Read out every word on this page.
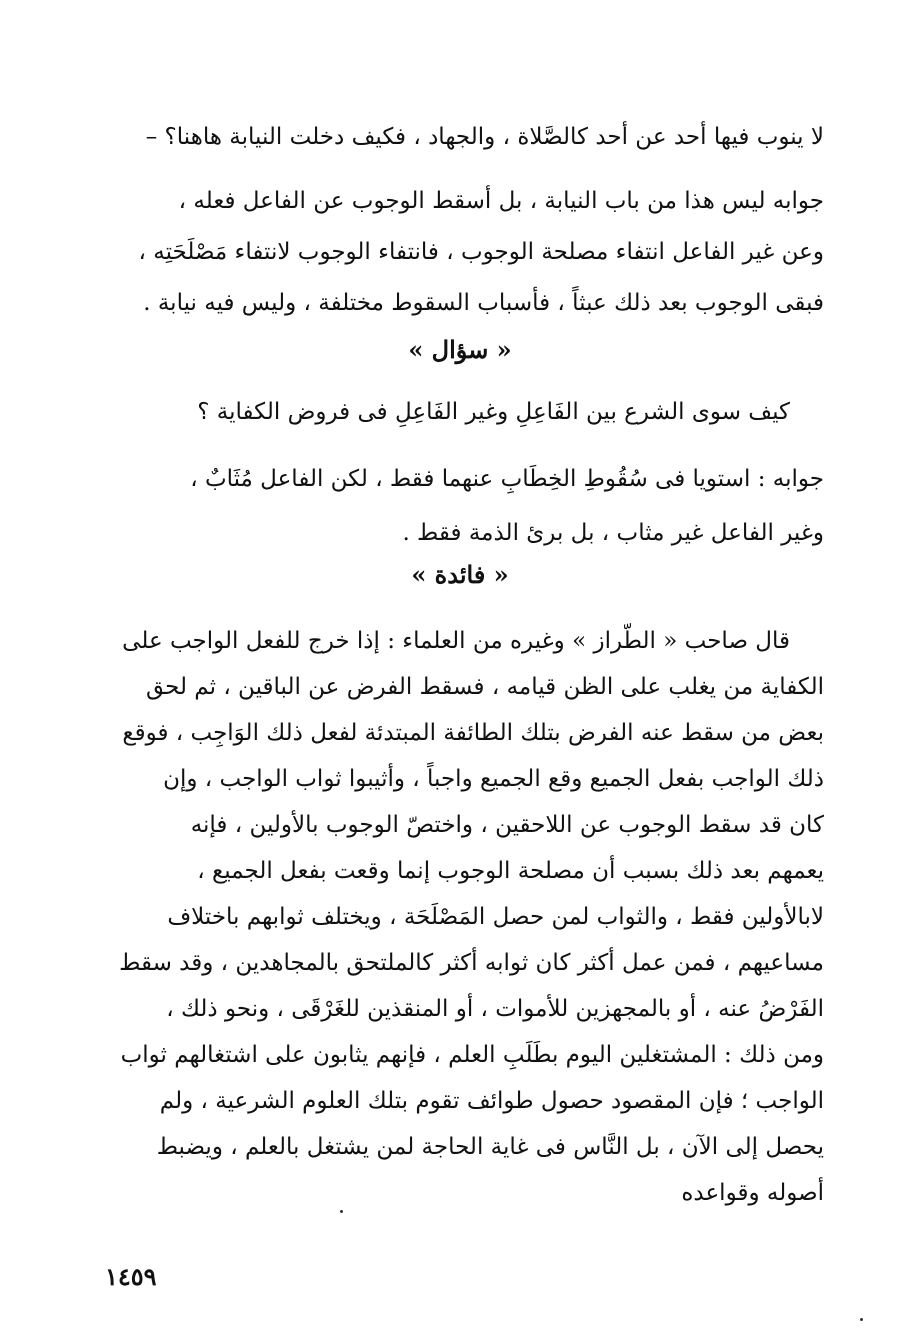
لا ينوب فيها أحد عن أحد كالصَّلاة ، والجهاد ، فكيف دخلت النيابة هاهنا؟ –
جوابه ليس هذا من باب النيابة ، بل أسقط الوجوب عن الفاعل فعله ،
وعن غير الفاعل انتفاء مصلحة الوجوب ، فانتفاء الوجوب لانتفاء مَصْلَحَتِه ،
فبقى الوجوب بعد ذلك عبثاً ، فأسباب السقوط مختلفة ، وليس فيه نيابة .
« سؤال »
كيف سوى الشرع بين الفَاعِلِ وغير الفَاعِلِ فى فروض الكفاية ؟
جوابه : استويا فى سُقُوطِ الخِطَابِ عنهما فقط ، لكن الفاعل مُثَابٌ ،
وغير الفاعل غير مثاب ، بل برئ الذمة فقط .
« فائدة »
قال صاحب « الطّراز » وغيره من العلماء : إذا خرج للفعل الواجب على
الكفاية من يغلب على الظن قيامه ، فسقط الفرض عن الباقين ، ثم لحق
بعض من سقط عنه الفرض بتلك الطائفة المبتدئة لفعل ذلك الوَاجِب ، فوقع
ذلك الواجب بفعل الجميع وقع الجميع واجباً ، وأثيبوا ثواب الواجب ، وإن
كان قد سقط الوجوب عن اللاحقين ، واختصّ الوجوب بالأولين ، فإنه
يعمهم بعد ذلك بسبب أن مصلحة الوجوب إنما وقعت بفعل الجميع ،
لابالأولين فقط ، والثواب لمن حصل المَصْلَحَة ، ويختلف ثوابهم باختلاف
مساعيهم ، فمن عمل أكثر كان ثوابه أكثر كالملتحق بالمجاهدين ، وقد سقط
الفَرْضُ عنه ، أو بالمجهزين للأموات ، أو المنقذين للغَرْقَى ، ونحو ذلك ،
ومن ذلك : المشتغلين اليوم بطَلَبِ العلم ، فإنهم يثابون على اشتغالهم ثواب
الواجب ؛ فإن المقصود حصول طوائف تقوم بتلك العلوم الشرعية ، ولم
يحصل إلى الآن ، بل النَّاس فى غاية الحاجة لمن يشتغل بالعلم ، ويضبط
أصوله وقواعده
١٤٥٩
